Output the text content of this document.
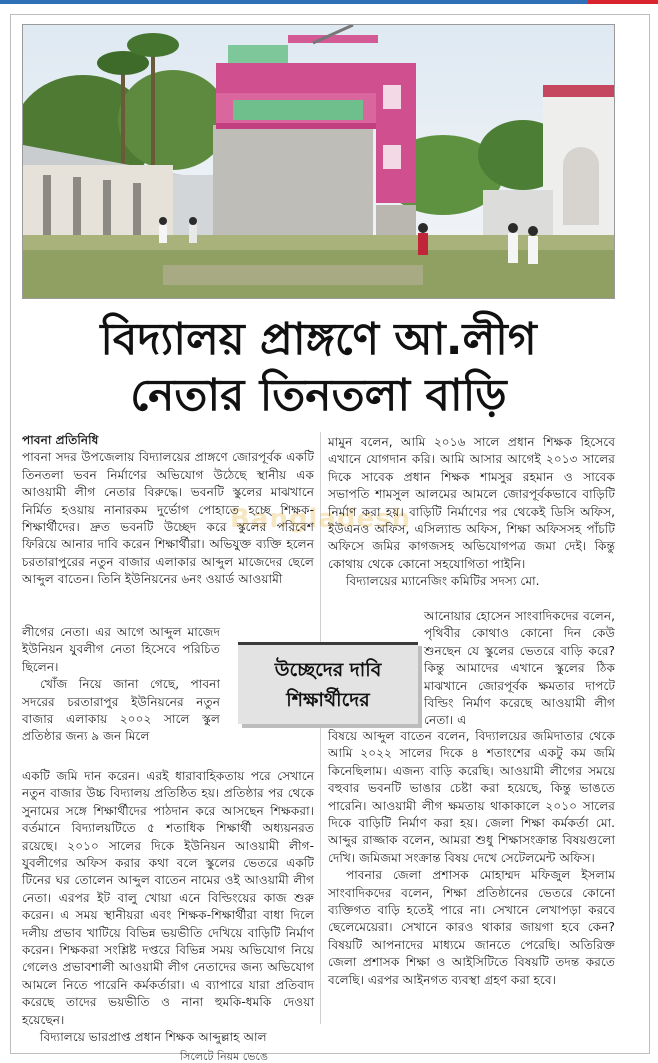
বিদ্যালয় প্রাঙ্গণে আ.লীগ
নেতার তিনতলা বাড়ি
Bangladesh

পাবনা প্রতিনিধি

পাবনা সদর উপজেলায় বিদ্যালয়ের প্রাঙ্গণে জোরপূর্বক একটি তিনতলা ভবন নির্মাণের অভিযোগ উঠেছে স্থানীয় এক আওয়ামী লীগ নেতার বিরুদ্ধে। ভবনটি স্কুলের মাঝখানে নির্মিত হওয়ায় নানারকম দুর্ভোগ পোহাতে হচ্ছে শিক্ষক-শিক্ষার্থীদের। দ্রুত ভবনটি উচ্ছেদ করে স্কুলের পরিবেশ ফিরিয়ে আনার দাবি করেন শিক্ষার্থীরা। অভিযুক্ত ব্যক্তি হলেন চরতারাপুরের নতুন বাজার এলাকার আব্দুল মাজেদের ছেলে আব্দুল বাতেন। তিনি ইউনিয়নের ৬নং ওয়ার্ড আওয়ামী

লীগের নেতা। এর আগে আব্দুল মাজেদ ইউনিয়ন যুবলীগ নেতা হিসেবে পরিচিত ছিলেন।

খোঁজ নিয়ে জানা গেছে, পাবনা সদরের চরতারাপুর ইউনিয়নের নতুন বাজার এলাকায় ২০০২ সালে স্কুল প্রতিষ্ঠার জন্য ৯ জন মিলে

উচ্ছেদের দাবি
শিক্ষার্থীদের

একটি জমি দান করেন। এরই ধারাবাহিকতায় পরে সেখানে নতুন বাজার উচ্চ বিদ্যালয় প্রতিষ্ঠিত হয়। প্রতিষ্ঠার পর থেকে সুনামের সঙ্গে শিক্ষার্থীদের পাঠদান করে আসছেন শিক্ষকরা। বর্তমানে বিদ্যালয়টিতে ৫ শতাধিক শিক্ষার্থী অধ্যয়নরত রয়েছে। ২০১০ সালের দিকে ইউনিয়ন আওয়ামী লীগ-যুবলীগের অফিস করার কথা বলে স্কুলের ভেতরে একটি টিনের ঘর তোলেন আব্দুল বাতেন নামের ওই আওয়ামী লীগ নেতা। এরপর ইট বালু খোয়া এনে বিল্ডিংয়ের কাজ শুরু করেন। এ সময় স্থানীয়রা এবং শিক্ষক-শিক্ষার্থীরা বাধা দিলে দলীয় প্রভাব খাটিয়ে বিভিন্ন ভয়ভীতি দেখিয়ে বাড়িটি নির্মাণ করেন। শিক্ষকরা সংশ্লিষ্ট দপ্তরে বিভিন্ন সময় অভিযোগ নিয়ে গেলেও প্রভাবশালী আওয়ামী লীগ নেতাদের জন্য অভিযোগ আমলে নিতে পারেনি কর্মকর্তারা। এ ব্যাপারে যারা প্রতিবাদ করেছে তাদের ভয়ভীতি ও নানা হুমকি-ধমকি দেওয়া হয়েছেন।

বিদ্যালয়ে ভারপ্রাপ্ত প্রধান শিক্ষক আব্দুল্লাহ আল

মামুন বলেন, আমি ২০১৬ সালে প্রধান শিক্ষক হিসেবে এখানে যোগদান করি। আমি আসার আগেই ২০১৩ সালের দিকে সাবেক প্রধান শিক্ষক শামসুর রহমান ও সাবেক সভাপতি শামসুল আলমের আমলে জোরপূর্বকভাবে বাড়িটি নির্মাণ করা হয়। বাড়িটি নির্মাণের পর থেকেই ডিসি অফিস, ইউএনও অফিস, এসিল্যান্ড অফিস, শিক্ষা অফিসসহ পাঁচটি অফিসে জমির কাগজসহ অভিযোগপত্র জমা দেই। কিন্তু কোথায় থেকে কোনো সহযোগিতা পাইনি।

বিদ্যালয়ের ম্যানেজিং কমিটির সদস্য মো.

আনোয়ার হোসেন সাংবাদিকদের বলেন, পৃথিবীর কোথাও কোনো দিন কেউ শুনছেন যে স্কুলের ভেতরে বাড়ি করে? কিন্তু আমাদের এখানে স্কুলের ঠিক মাঝখানে জোরপূর্বক ক্ষমতার দাপটে বিল্ডিং নির্মাণ করেছে আওয়ামী লীগ নেতা। এ

বিষয়ে আব্দুল বাতেন বলেন, বিদ্যালয়ের জমিদাতার থেকে আমি ২০২২ সালের দিকে ৪ শতাংশের একটু কম জমি কিনেছিলাম। এজন্য বাড়ি করেছি। আওয়ামী লীগের সময়ে বহুবার ভবনটি ভাঙার চেষ্টা করা হয়েছে, কিন্তু ভাঙতে পারেনি। আওয়ামী লীগ ক্ষমতায় থাকাকালে ২০১০ সালের দিকে বাড়িটি নির্মাণ করা হয়। জেলা শিক্ষা কর্মকর্তা মো. আব্দুর রাজ্জাক বলেন, আমরা শুধু শিক্ষাসংক্রান্ত বিষয়গুলো দেখি। জমিজমা সংক্রান্ত বিষয় দেখে সেটেলমেন্ট অফিস।

পাবনার জেলা প্রশাসক মোহাম্মদ মফিজুল ইসলাম সাংবাদিকদের বলেন, শিক্ষা প্রতিষ্ঠানের ভেতরে কোনো ব্যক্তিগত বাড়ি হতেই পারে না। সেখানে লেখাপড়া করবে ছেলেমেয়েরা। সেখানে কারও থাকার জায়গা হবে কেন? বিষয়টি আপনাদের মাধ্যমে জানতে পেরেছি। অতিরিক্ত জেলা প্রশাসক শিক্ষা ও আইসিটিতে বিষয়টি তদন্ত করতে বলেছি। এরপর আইনগত ব্যবস্থা গ্রহণ করা হবে।

সিলেটে নিয়ম ভেঙে
